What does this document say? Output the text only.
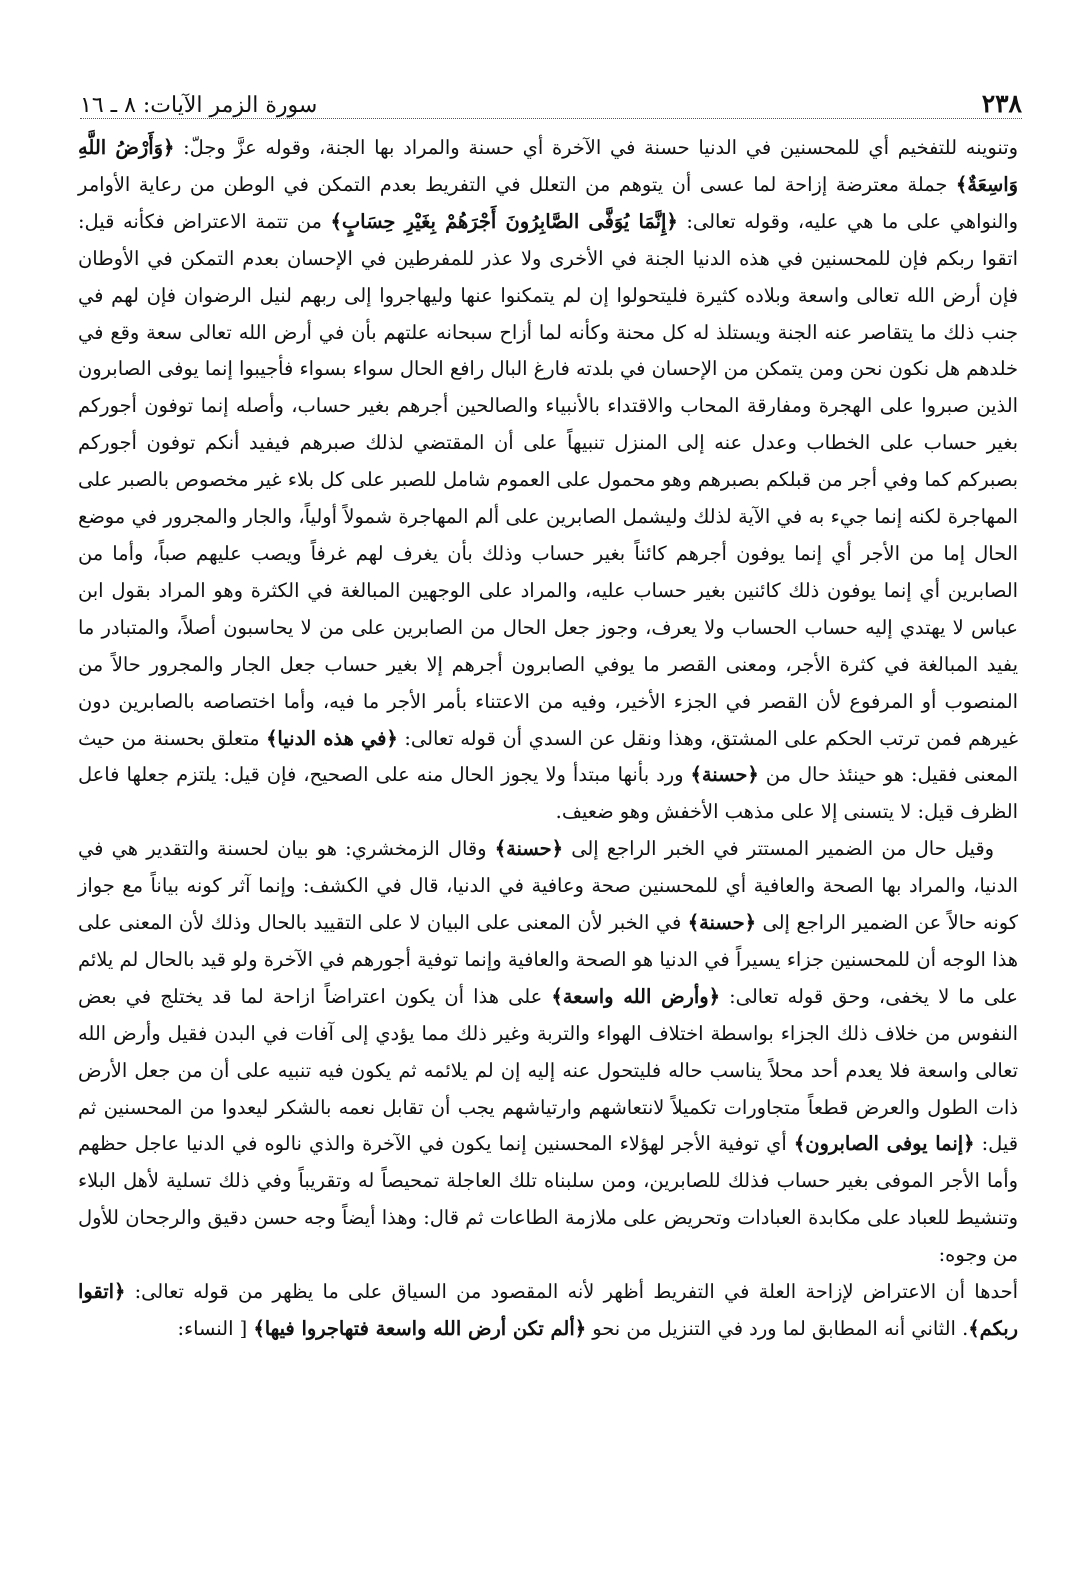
٢٣٨
سورة الزمر الآيات: ٨ ـ ١٦

وتنوينه للتفخيم أي للمحسنين في الدنيا حسنة في الآخرة أي حسنة والمراد بها الجنة، وقوله عزَّ وجلّ: ﴿وَأَرْضُ اللَّهِ وَاسِعَةٌ﴾ جملة معترضة إزاحة لما عسى أن يتوهم من التعلل في التفريط بعدم التمكن في الوطن من رعاية الأوامر والنواهي على ما هي عليه، وقوله تعالى: ﴿إِنَّمَا يُوَفَّى الصَّابِرُونَ أَجْرَهُمْ بِغَيْرِ حِسَابٍ﴾ من تتمة الاعتراض فكأنه قيل: اتقوا ربكم فإن للمحسنين في هذه الدنيا الجنة في الأخرى ولا عذر للمفرطين في الإحسان بعدم التمكن في الأوطان فإن أرض الله تعالى واسعة وبلاده كثيرة فليتحولوا إن لم يتمكنوا عنها وليهاجروا إلى ربهم لنيل الرضوان فإن لهم في جنب ذلك ما يتقاصر عنه الجنة ويستلذ له كل محنة وكأنه لما أزاح سبحانه علتهم بأن في أرض الله تعالى سعة وقع في خلدهم هل نكون نحن ومن يتمكن من الإحسان في بلدته فارغ البال رافع الحال سواء بسواء فأجيبوا إنما يوفى الصابرون الذين صبروا على الهجرة ومفارقة المحاب والاقتداء بالأنبياء والصالحين أجرهم بغير حساب، وأصله إنما توفون أجوركم بغير حساب على الخطاب وعدل عنه إلى المنزل تنبيهاً على أن المقتضي لذلك صبرهم فيفيد أنكم توفون أجوركم بصبركم كما وفي أجر من قبلكم بصبرهم وهو محمول على العموم شامل للصبر على كل بلاء غير مخصوص بالصبر على المهاجرة لكنه إنما جيء به في الآية لذلك وليشمل الصابرين على ألم المهاجرة شمولاً أولياً، والجار والمجرور في موضع الحال إما من الأجر أي إنما يوفون أجرهم كائناً بغير حساب وذلك بأن يغرف لهم غرفاً ويصب عليهم صباً، وأما من الصابرين أي إنما يوفون ذلك كائنين بغير حساب عليه، والمراد على الوجهين المبالغة في الكثرة وهو المراد بقول ابن عباس لا يهتدي إليه حساب الحساب ولا يعرف، وجوز جعل الحال من الصابرين على من لا يحاسبون أصلاً، والمتبادر ما يفيد المبالغة في كثرة الأجر، ومعنى القصر ما يوفي الصابرون أجرهم إلا بغير حساب جعل الجار والمجرور حالاً من المنصوب أو المرفوع لأن القصر في الجزء الأخير، وفيه من الاعتناء بأمر الأجر ما فيه، وأما اختصاصه بالصابرين دون غيرهم فمن ترتب الحكم على المشتق، وهذا ونقل عن السدي أن قوله تعالى: ﴿في هذه الدنيا﴾ متعلق بحسنة من حيث المعنى فقيل: هو حينئذ حال من ﴿حسنة﴾ ورد بأنها مبتدأ ولا يجوز الحال منه على الصحيح، فإن قيل: يلتزم جعلها فاعل الظرف قيل: لا يتسنى إلا على مذهب الأخفش وهو ضعيف.

وقيل حال من الضمير المستتر في الخبر الراجع إلى ﴿حسنة﴾ وقال الزمخشري: هو بيان لحسنة والتقدير هي في الدنيا، والمراد بها الصحة والعافية أي للمحسنين صحة وعافية في الدنيا، قال في الكشف: وإنما آثر كونه بياناً مع جواز كونه حالاً عن الضمير الراجع إلى ﴿حسنة﴾ في الخبر لأن المعنى على البيان لا على التقييد بالحال وذلك لأن المعنى على هذا الوجه أن للمحسنين جزاء يسيراً في الدنيا هو الصحة والعافية وإنما توفية أجورهم في الآخرة ولو قيد بالحال لم يلائم على ما لا يخفى، وحق قوله تعالى: ﴿وأرض الله واسعة﴾ على هذا أن يكون اعتراضاً ازاحة لما قد يختلج في بعض النفوس من خلاف ذلك الجزاء بواسطة اختلاف الهواء والتربة وغير ذلك مما يؤدي إلى آفات في البدن فقيل وأرض الله تعالى واسعة فلا يعدم أحد محلاً يناسب حاله فليتحول عنه إليه إن لم يلائمه ثم يكون فيه تنبيه على أن من جعل الأرض ذات الطول والعرض قطعاً متجاورات تكميلاً لانتعاشهم وارتياشهم يجب أن تقابل نعمه بالشكر ليعدوا من المحسنين ثم قيل: ﴿إنما يوفى الصابرون﴾ أي توفية الأجر لهؤلاء المحسنين إنما يكون في الآخرة والذي نالوه في الدنيا عاجل حظهم وأما الأجر الموفى بغير حساب فذلك للصابرين، ومن سلبناه تلك العاجلة تمحيصاً له وتقريباً وفي ذلك تسلية لأهل البلاء وتنشيط للعباد على مكابدة العبادات وتحريض على ملازمة الطاعات ثم قال: وهذا أيضاً وجه حسن دقيق والرجحان للأول من وجوه:

أحدها أن الاعتراض لإزاحة العلة في التفريط أظهر لأنه المقصود من السياق على ما يظهر من قوله تعالى: ﴿اتقوا ربكم﴾. الثاني أنه المطابق لما ورد في التنزيل من نحو ﴿ألم تكن أرض الله واسعة فتهاجروا فيها﴾ [ النساء:
